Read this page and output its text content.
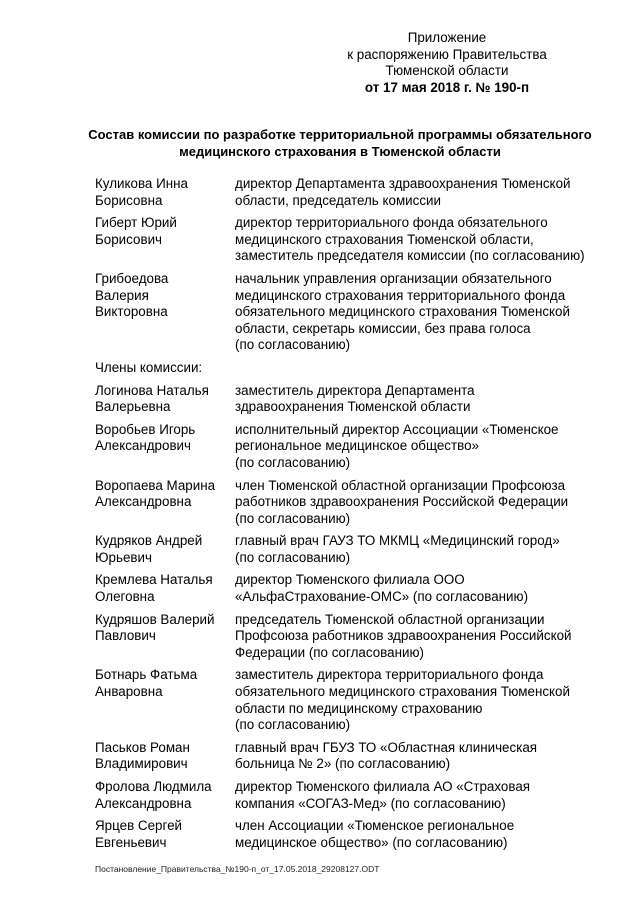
Приложение
к распоряжению Правительства
Тюменской области
от 17 мая 2018 г. № 190-п
Состав комиссии по разработке территориальной программы обязательного медицинского страхования в Тюменской области
Куликова Инна
Борисовна
директор Департамента здравоохранения Тюменской
области, председатель комиссии
Гиберт Юрий
Борисович
директор территориального фонда обязательного
медицинского страхования Тюменской области,
заместитель председателя комиссии (по согласованию)
Грибоедова
Валерия
Викторовна
начальник управления организации обязательного
медицинского страхования территориального фонда
обязательного медицинского страхования Тюменской
области, секретарь комиссии, без права голоса
(по согласованию)
Члены комиссии:
Логинова Наталья
Валерьевна
заместитель директора Департамента
здравоохранения Тюменской области
Воробьев Игорь
Александрович
исполнительный директор Ассоциации «Тюменское
региональное медицинское общество»
(по согласованию)
Воропаева Марина
Александровна
член Тюменской областной организации Профсоюза
работников здравоохранения Российской Федерации
(по согласованию)
Кудряков Андрей
Юрьевич
главный врач ГАУЗ ТО МКМЦ «Медицинский город»
(по согласованию)
Кремлева Наталья
Олеговна
директор Тюменского филиала ООО
«АльфаСтрахование-ОМС» (по согласованию)
Кудряшов Валерий
Павлович
председатель Тюменской областной организации
Профсоюза работников здравоохранения Российской
Федерации (по согласованию)
Ботнарь Фатьма
Анваровна
заместитель директора территориального фонда
обязательного медицинского страхования Тюменской
области по медицинскому страхованию
(по согласованию)
Паськов Роман
Владимирович
главный врач ГБУЗ ТО «Областная клиническая
больница № 2» (по согласованию)
Фролова Людмила
Александровна
директор Тюменского филиала АО «Страховая
компания «СОГАЗ-Мед» (по согласованию)
Ярцев Сергей
Евгеньевич
член Ассоциации «Тюменское региональное
медицинское общество» (по согласованию)
Постановление_Правительства_№190-п_от_17.05.2018_29208127.ODT
